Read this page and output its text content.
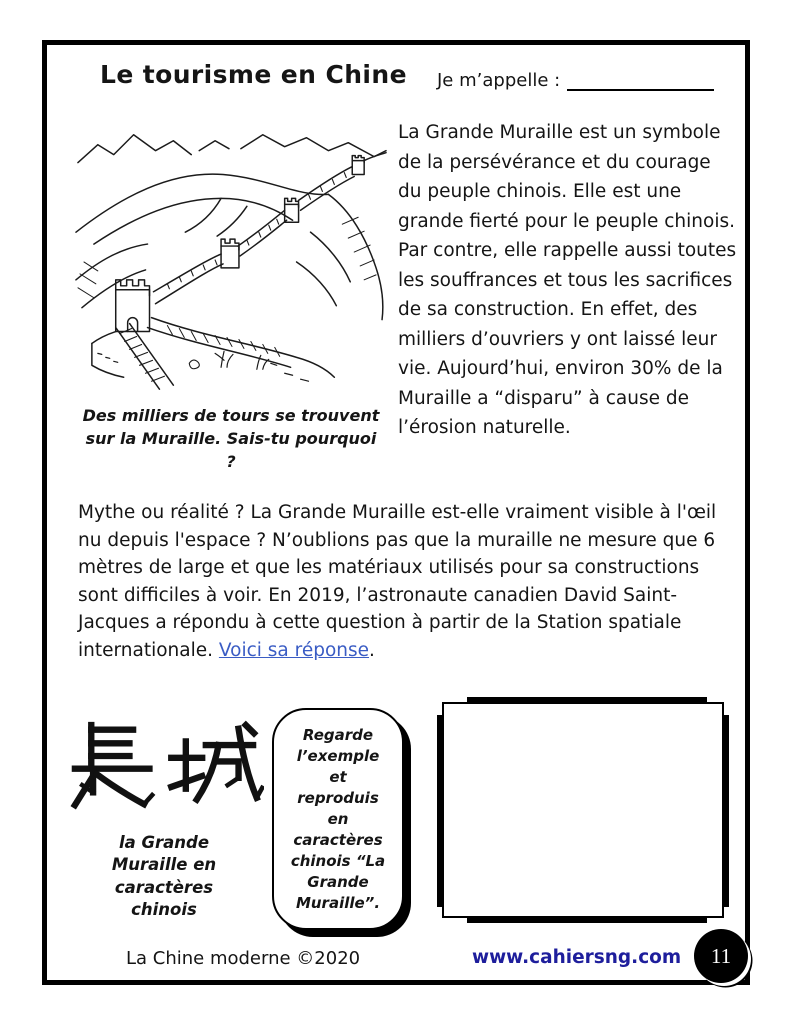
Le tourisme en Chine Je m’appelle :
Des milliers de tours se trouvent sur la Muraille. Sais-tu pourquoi ?
La Grande Muraille est un symbole de la persévérance et du courage du peuple chinois. Elle est une grande fierté pour le peuple chinois. Par contre, elle rappelle aussi toutes les souffrances et tous les sacrifices de sa construction. En effet, des milliers d’ouvriers y ont laissé leur vie. Aujourd’hui, environ 30% de la Muraille a “disparu” à cause de l’érosion naturelle.
Mythe ou réalité ? La Grande Muraille est-elle vraiment visible à l'œil nu depuis l'espace ? N’oublions pas que la muraille ne mesure que 6 mètres de large et que les matériaux utilisés pour sa constructions sont difficiles à voir. En 2019, l’astronaute canadien David Saint-Jacques a répondu à cette question à partir de la Station spatiale internationale. Voici sa réponse.
la Grande Muraille en caractères chinois
Regarde l’exemple et reproduis en caractères chinois “La Grande Muraille”.
La Chine moderne ©2020	www.cahiersng.com 11
